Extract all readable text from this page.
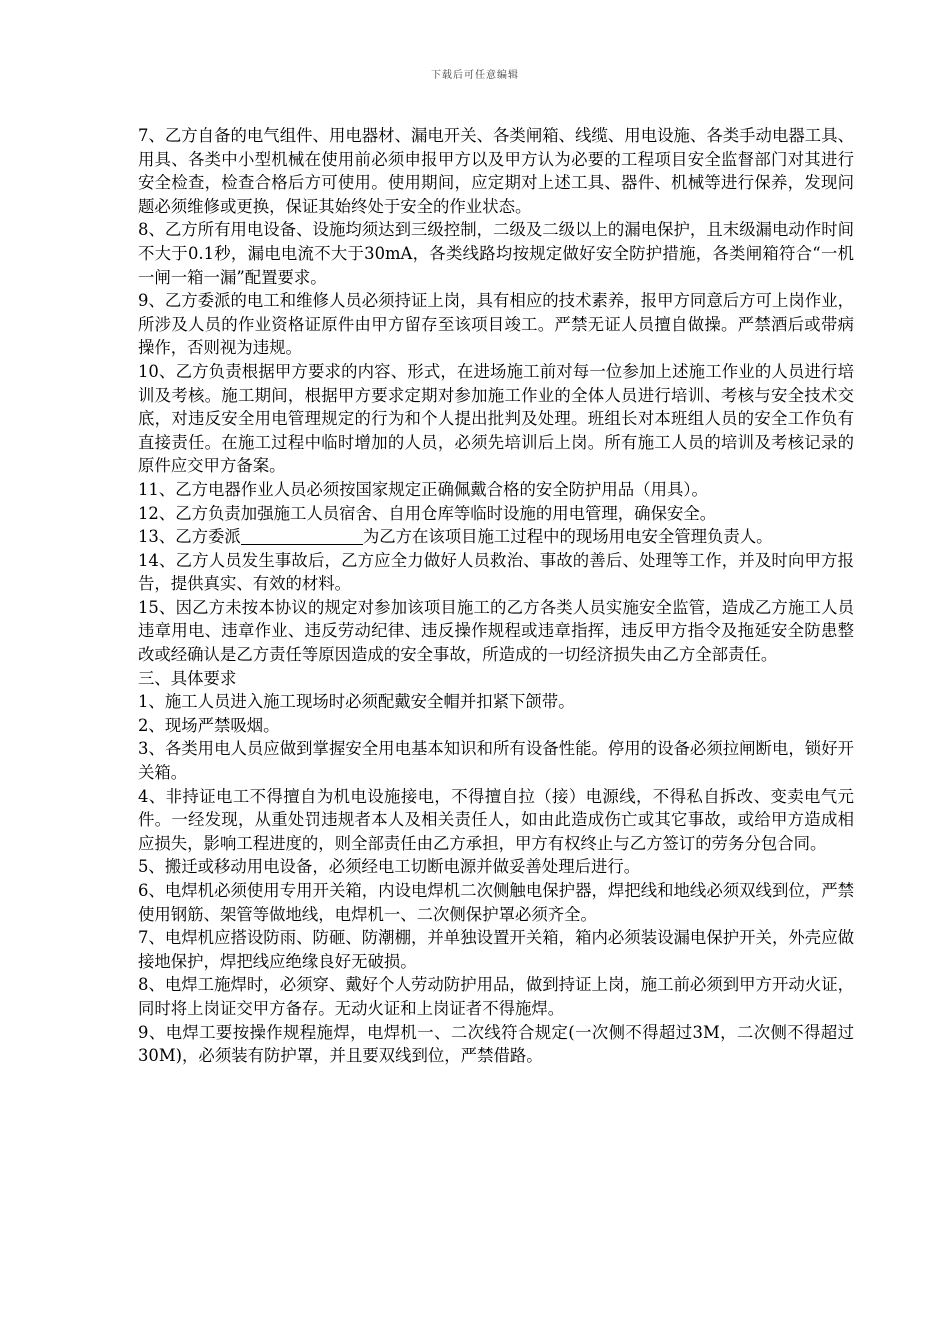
下载后可任意编辑

7、乙方自备的电气组件、用电器材、漏电开关、各类闸箱、线缆、用电设施、各类手动电器工具、用具、各类中小型机械在使用前必须申报甲方以及甲方认为必要的工程项目安全监督部门对其进行安全检查，检查合格后方可使用。使用期间，应定期对上述工具、器件、机械等进行保养，发现问题必须维修或更换，保证其始终处于安全的作业状态。

8、乙方所有用电设备、设施均须达到三级控制，二级及二级以上的漏电保护，且末级漏电动作时间不大于0.1秒，漏电电流不大于30mA，各类线路均按规定做好安全防护措施，各类闸箱符合“一机一闸一箱一漏”配置要求。

9、乙方委派的电工和维修人员必须持证上岗，具有相应的技术素养，报甲方同意后方可上岗作业，所涉及人员的作业资格证原件由甲方留存至该项目竣工。严禁无证人员擅自做操。严禁酒后或带病操作，否则视为违规。

10、乙方负责根据甲方要求的内容、形式，在进场施工前对每一位参加上述施工作业的人员进行培训及考核。施工期间，根据甲方要求定期对参加施工作业的全体人员进行培训、考核与安全技术交底，对违反安全用电管理规定的行为和个人提出批判及处理。班组长对本班组人员的安全工作负有直接责任。在施工过程中临时增加的人员，必须先培训后上岗。所有施工人员的培训及考核记录的原件应交甲方备案。

11、乙方电器作业人员必须按国家规定正确佩戴合格的安全防护用品（用具）。

12、乙方负责加强施工人员宿舍、自用仓库等临时设施的用电管理，确保安全。

13、乙方委派	为乙方在该项目施工过程中的现场用电安全管理负责人。

14、乙方人员发生事故后，乙方应全力做好人员救治、事故的善后、处理等工作，并及时向甲方报告，提供真实、有效的材料。

15、因乙方未按本协议的规定对参加该项目施工的乙方各类人员实施安全监管，造成乙方施工人员违章用电、违章作业、违反劳动纪律、违反操作规程或违章指挥，违反甲方指令及拖延安全防患整改或经确认是乙方责任等原因造成的安全事故，所造成的一切经济损失由乙方全部责任。

三、具体要求

1、施工人员进入施工现场时必须配戴安全帽并扣紧下颌带。

2、现场严禁吸烟。

3、各类用电人员应做到掌握安全用电基本知识和所有设备性能。停用的设备必须拉闸断电，锁好开关箱。

4、非持证电工不得擅自为机电设施接电，不得擅自拉（接）电源线，不得私自拆改、变卖电气元件。一经发现，从重处罚违规者本人及相关责任人，如由此造成伤亡或其它事故，或给甲方造成相应损失，影响工程进度的，则全部责任由乙方承担，甲方有权终止与乙方签订的劳务分包合同。

5、搬迁或移动用电设备，必须经电工切断电源并做妥善处理后进行。

6、电焊机必须使用专用开关箱，内设电焊机二次侧触电保护器，焊把线和地线必须双线到位，严禁使用钢筋、架管等做地线，电焊机一、二次侧保护罩必须齐全。

7、电焊机应搭设防雨、防砸、防潮棚，并单独设置开关箱，箱内必须装设漏电保护开关，外壳应做接地保护，焊把线应绝缘良好无破损。

8、电焊工施焊时，必须穿、戴好个人劳动防护用品，做到持证上岗，施工前必须到甲方开动火证，同时将上岗证交甲方备存。无动火证和上岗证者不得施焊。

9、电焊工要按操作规程施焊，电焊机一、二次线符合规定(一次侧不得超过3M，二次侧不得超过30M)，必须装有防护罩，并且要双线到位，严禁借路。
